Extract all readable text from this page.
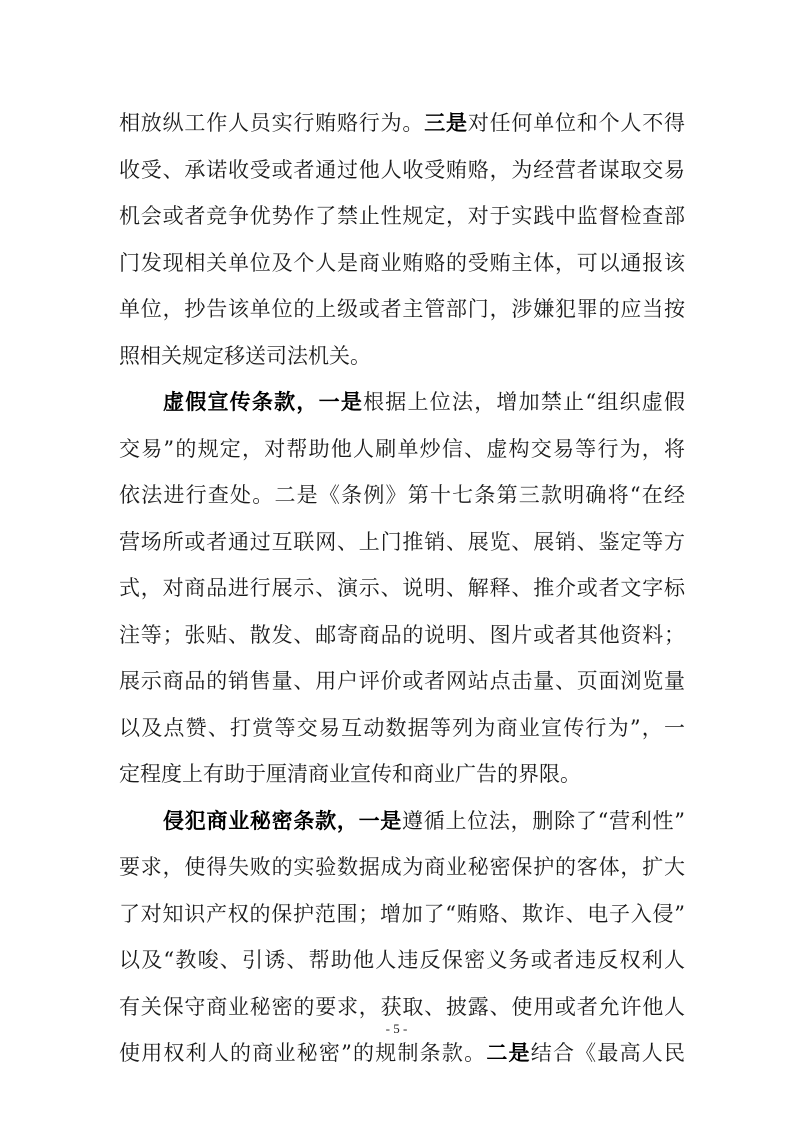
相放纵工作人员实行贿赂行为。三是对任何单位和个人不得
收受、承诺收受或者通过他人收受贿赂，为经营者谋取交易
机会或者竞争优势作了禁止性规定，对于实践中监督检查部
门发现相关单位及个人是商业贿赂的受贿主体，可以通报该
单位，抄告该单位的上级或者主管部门，涉嫌犯罪的应当按
照相关规定移送司法机关。
虚假宣传条款，一是根据上位法，增加禁止“组织虚假
交易”的规定，对帮助他人刷单炒信、虚构交易等行为，将
依法进行查处。二是《条例》第十七条第三款明确将“在经
营场所或者通过互联网、上门推销、展览、展销、鉴定等方
式，对商品进行展示、演示、说明、解释、推介或者文字标
注等；张贴、散发、邮寄商品的说明、图片或者其他资料；
展示商品的销售量、用户评价或者网站点击量、页面浏览量
以及点赞、打赏等交易互动数据等列为商业宣传行为”，一
定程度上有助于厘清商业宣传和商业广告的界限。
侵犯商业秘密条款，一是遵循上位法，删除了“营利性”
要求，使得失败的实验数据成为商业秘密保护的客体，扩大
了对知识产权的保护范围；增加了“贿赂、欺诈、电子入侵”
以及“教唆、引诱、帮助他人违反保密义务或者违反权利人
有关保守商业秘密的要求，获取、披露、使用或者允许他人
使用权利人的商业秘密”的规制条款。二是结合《最高人民
- 5 -
